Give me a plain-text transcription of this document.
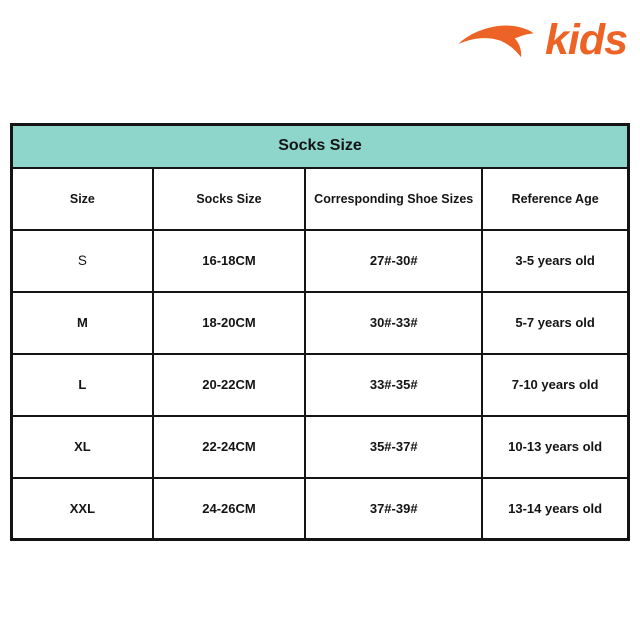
kids
Socks Size			
Size	Socks Size	Corresponding Shoe Sizes	Reference Age
S	16-18CM	27#-30#	3-5 years old
M	18-20CM	30#-33#	5-7 years old
L	20-22CM	33#-35#	7-10 years old
XL	22-24CM	35#-37#	10-13 years old
XXL	24-26CM	37#-39#	13-14 years old
